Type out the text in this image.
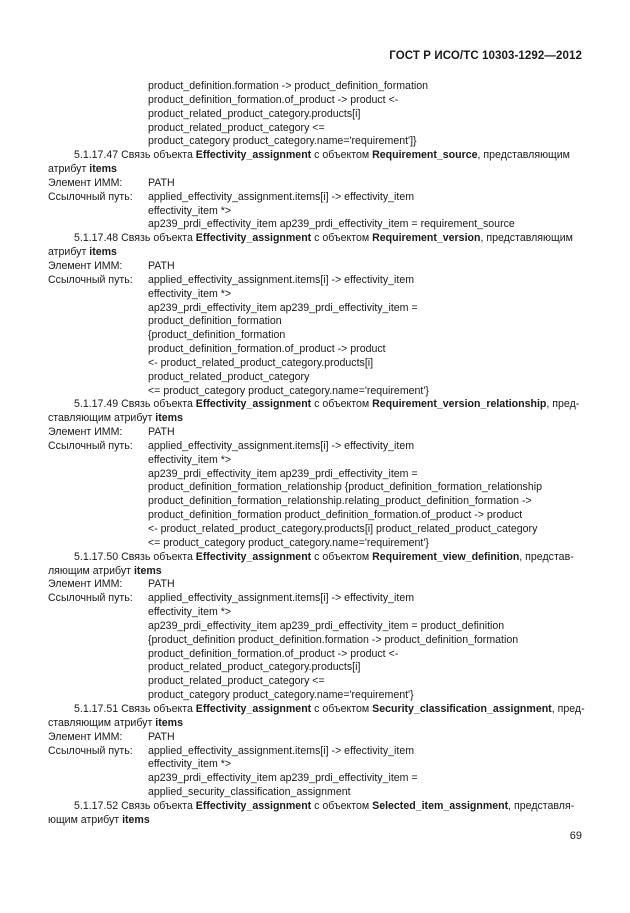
ГОСТ Р ИСО/ТС 10303-1292—2012
product_definition.formation -> product_definition_formation
product_definition_formation.of_product -> product <-
product_related_product_category.products[i]
product_related_product_category <=
product_category product_category.name='requirement']}
5.1.17.47 Связь объекта Effectivity_assignment с объектом Requirement_source, представляющим
атрибут items
Элемент ИММ:	PATH
Ссылочный путь:	applied_effectivity_assignment.items[i] -> effectivity_item
effectivity_item *>
ap239_prdi_effectivity_item ap239_prdi_effectivity_item = requirement_source
5.1.17.48 Связь объекта Effectivity_assignment с объектом Requirement_version, представляющим
атрибут items
Элемент ИММ:	PATH
Ссылочный путь:	applied_effectivity_assignment.items[i] -> effectivity_item
effectivity_item *>
ap239_prdi_effectivity_item ap239_prdi_effectivity_item =
product_definition_formation
{product_definition_formation
product_definition_formation.of_product -> product
<- product_related_product_category.products[i]
product_related_product_category
<= product_category product_category.name='requirement'}
5.1.17.49 Связь объекта Effectivity_assignment с объектом Requirement_version_relationship, пред-
ставляющим атрибут items
Элемент ИММ:	PATH
Ссылочный путь:	applied_effectivity_assignment.items[i] -> effectivity_item
effectivity_item *>
ap239_prdi_effectivity_item ap239_prdi_effectivity_item =
product_definition_formation_relationship {product_definition_formation_relationship
product_definition_formation_relationship.relating_product_definition_formation ->
product_definition_formation product_definition_formation.of_product -> product
<- product_related_product_category.products[i] product_related_product_category
<= product_category product_category.name='requirement'}
5.1.17.50 Связь объекта Effectivity_assignment с объектом Requirement_view_definition, представ-
ляющим атрибут items
Элемент ИММ:	PATH
Ссылочный путь:	applied_effectivity_assignment.items[i] -> effectivity_item
effectivity_item *>
ap239_prdi_effectivity_item ap239_prdi_effectivity_item = product_definition
{product_definition product_definition.formation -> product_definition_formation
product_definition_formation.of_product -> product <-
product_related_product_category.products[i]
product_related_product_category <=
product_category product_category.name='requirement'}
5.1.17.51 Связь объекта Effectivity_assignment с объектом Security_classification_assignment, пред-
ставляющим атрибут items
Элемент ИММ:	PATH
Ссылочный путь:	applied_effectivity_assignment.items[i] -> effectivity_item
effectivity_item *>
ap239_prdi_effectivity_item ap239_prdi_effectivity_item =
applied_security_classification_assignment
5.1.17.52 Связь объекта Effectivity_assignment с объектом Selected_item_assignment, представля-
ющим атрибут items
69
